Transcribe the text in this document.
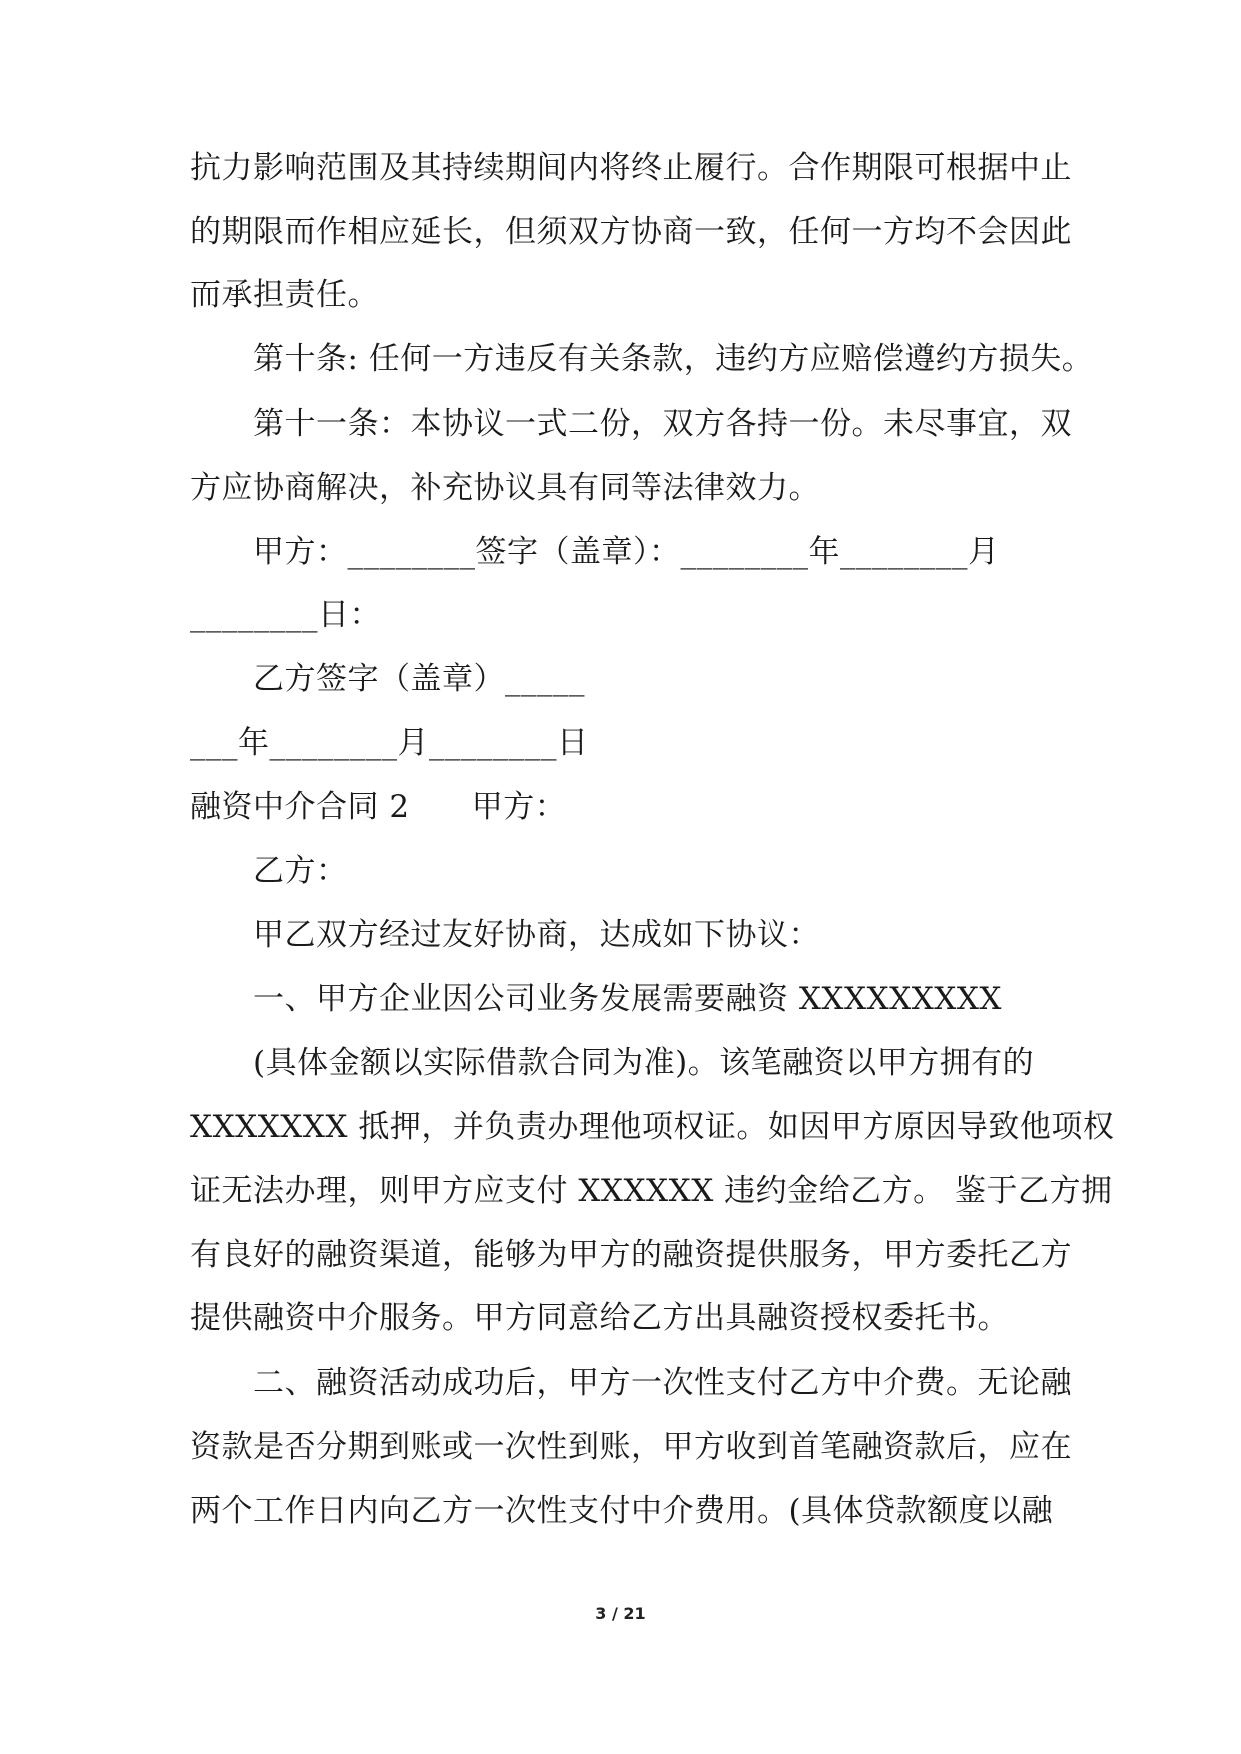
抗力影响范围及其持续期间内将终止履行。合作期限可根据中止
的期限而作相应延长，但须双方协商一致，任何一方均不会因此
而承担责任。
第十条: 任何一方违反有关条款，违约方应赔偿遵约方损失。
第十一条：本协议一式二份，双方各持一份。未尽事宜，双
方应协商解决，补充协议具有同等法律效力。
甲方：________签字（盖章）：________年________月
________日：
乙方签字（盖章）_____
___年________月________日
融资中介合同 2      甲方：
乙方：
甲乙双方经过友好协商，达成如下协议：
一、甲方企业因公司业务发展需要融资 XXXXXXXXX
(具体金额以实际借款合同为准)。该笔融资以甲方拥有的
XXXXXXX 抵押，并负责办理他项权证。如因甲方原因导致他项权
证无法办理，则甲方应支付 XXXXXX 违约金给乙方。 鉴于乙方拥
有良好的融资渠道，能够为甲方的融资提供服务，甲方委托乙方
提供融资中介服务。甲方同意给乙方出具融资授权委托书。
二、融资活动成功后，甲方一次性支付乙方中介费。无论融
资款是否分期到账或一次性到账，甲方收到首笔融资款后，应在
两个工作日内向乙方一次性支付中介费用。(具体贷款额度以融
3 / 21
